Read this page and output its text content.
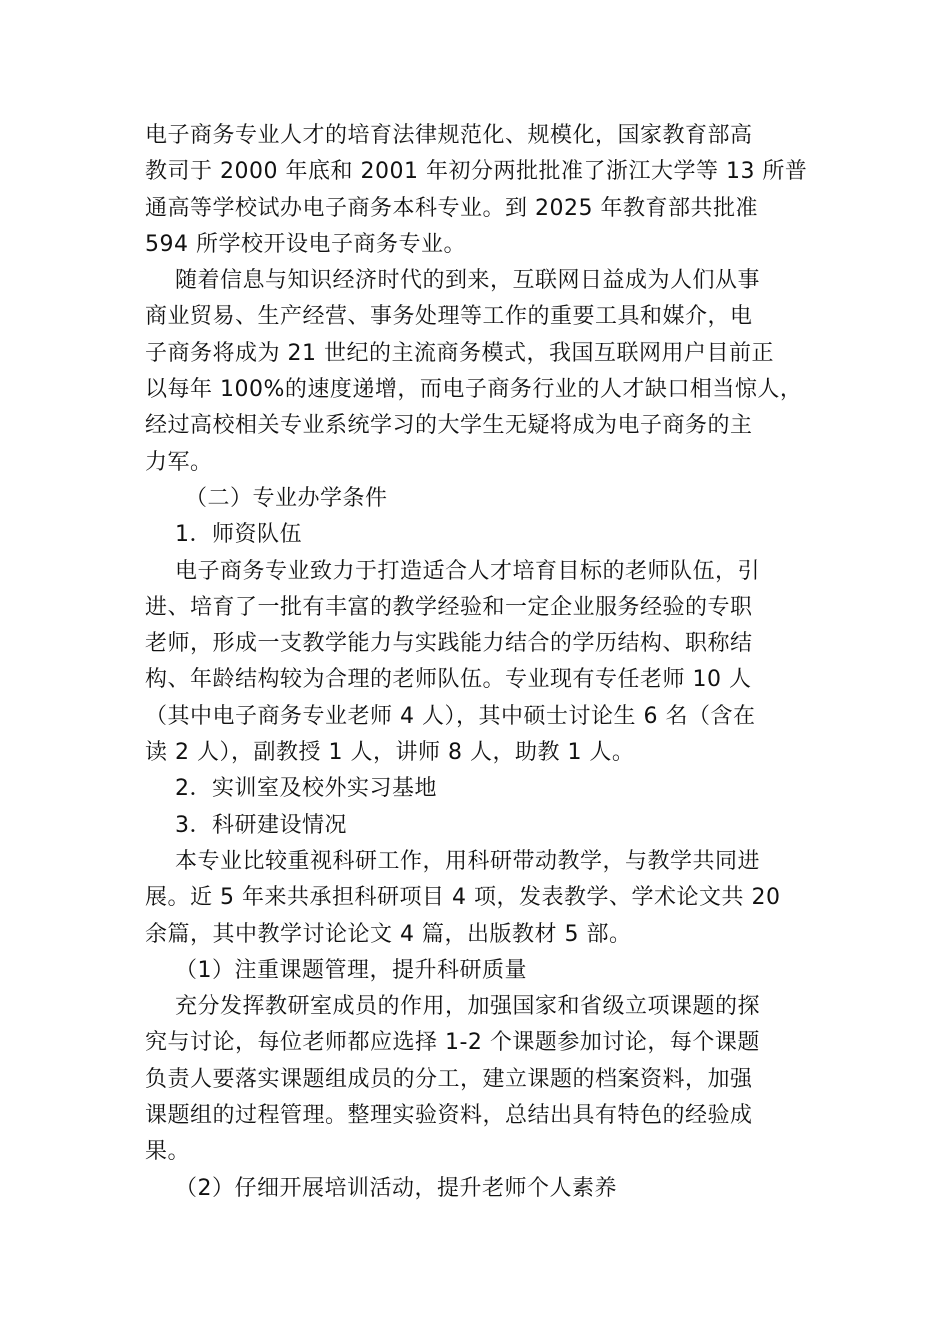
电子商务专业人才的培育法律规范化、规模化，国家教育部高
教司于 2000 年底和 2001 年初分两批批准了浙江大学等 13 所普
通高等学校试办电子商务本科专业。到 2025 年教育部共批准
594 所学校开设电子商务专业。
随着信息与知识经济时代的到来，互联网日益成为人们从事
商业贸易、生产经营、事务处理等工作的重要工具和媒介，电
子商务将成为 21 世纪的主流商务模式，我国互联网用户目前正
以每年 100%的速度递增，而电子商务行业的人才缺口相当惊人，
经过高校相关专业系统学习的大学生无疑将成为电子商务的主
力军。
（二）专业办学条件
1．师资队伍
电子商务专业致力于打造适合人才培育目标的老师队伍，引
进、培育了一批有丰富的教学经验和一定企业服务经验的专职
老师，形成一支教学能力与实践能力结合的学历结构、职称结
构、年龄结构较为合理的老师队伍。专业现有专任老师 10 人
（其中电子商务专业老师 4 人），其中硕士讨论生 6 名（含在
读 2 人），副教授 1 人，讲师 8 人，助教 1 人。
2．实训室及校外实习基地
3．科研建设情况
本专业比较重视科研工作，用科研带动教学，与教学共同进
展。近 5 年来共承担科研项目 4 项，发表教学、学术论文共 20
余篇，其中教学讨论论文 4 篇，出版教材 5 部。
（1）注重课题管理，提升科研质量
充分发挥教研室成员的作用，加强国家和省级立项课题的探
究与讨论，每位老师都应选择 1-2 个课题参加讨论，每个课题
负责人要落实课题组成员的分工，建立课题的档案资料，加强
课题组的过程管理。整理实验资料，总结出具有特色的经验成
果。
（2）仔细开展培训活动，提升老师个人素养
